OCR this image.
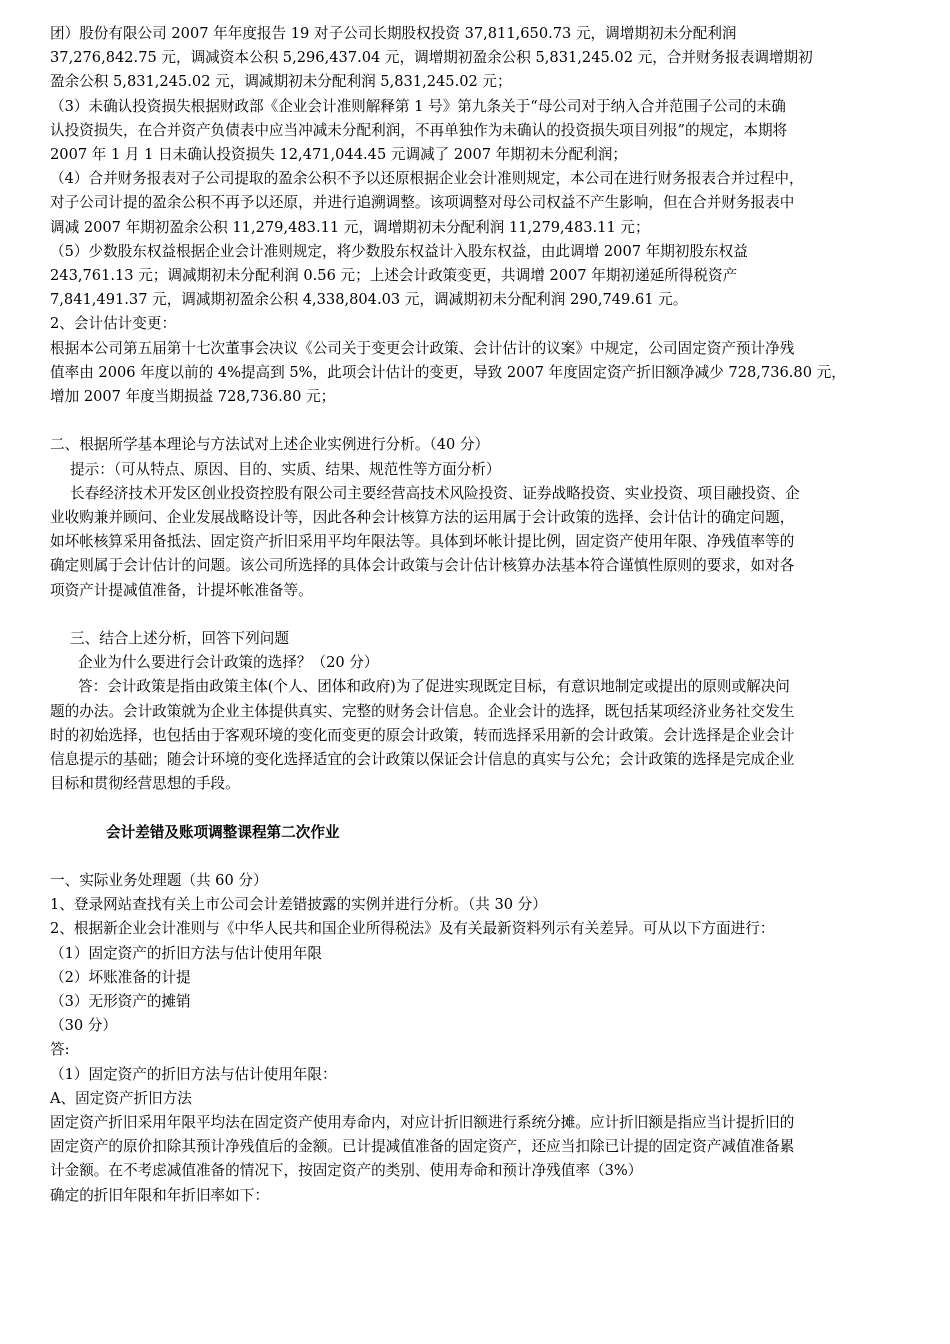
团）股份有限公司 2007 年年度报告 19 对子公司长期股权投资 37,811,650.73 元，调增期初未分配利润
37,276,842.75 元，调减资本公积 5,296,437.04 元，调增期初盈余公积 5,831,245.02 元，合并财务报表调增期初
盈余公积 5,831,245.02 元，调减期初未分配利润 5,831,245.02 元；

（3）未确认投资损失根据财政部《企业会计准则解释第 1 号》第九条关于“母公司对于纳入合并范围子公司的未确
认投资损失，在合并资产负债表中应当冲减未分配利润，不再单独作为未确认的投资损失项目列报”的规定，本期将
2007 年 1 月 1 日未确认投资损失 12,471,044.45 元调减了 2007 年期初未分配利润；

（4）合并财务报表对子公司提取的盈余公积不予以还原根据企业会计准则规定，本公司在进行财务报表合并过程中，
对子公司计提的盈余公积不再予以还原，并进行追溯调整。该项调整对母公司权益不产生影响，但在合并财务报表中
调减 2007 年期初盈余公积 11,279,483.11 元，调增期初未分配利润 11,279,483.11 元；

（5）少数股东权益根据企业会计准则规定，将少数股东权益计入股东权益，由此调增 2007 年期初股东权益
243,761.13 元；调减期初未分配利润 0.56 元；上述会计政策变更，共调增 2007 年期初递延所得税资产
7,841,491.37 元，调减期初盈余公积 4,338,804.03 元，调减期初未分配利润 290,749.61 元。

2、会计估计变更：
根据本公司第五届第十七次董事会决议《公司关于变更会计政策、会计估计的议案》中规定，公司固定资产预计净残
值率由 2006 年度以前的 4%提高到 5%，此项会计估计的变更，导致 2007 年度固定资产折旧额净减少 728,736.80 元，
增加 2007 年度当期损益 728,736.80 元；

二、根据所学基本理论与方法试对上述企业实例进行分析。（40 分）
提示：（可从特点、原因、目的、实质、结果、规范性等方面分析）
长春经济技术开发区创业投资控股有限公司主要经营高技术风险投资、证券战略投资、实业投资、项目融投资、企
业收购兼并顾问、企业发展战略设计等，因此各种会计核算方法的运用属于会计政策的选择、会计估计的确定问题，
如坏帐核算采用备抵法、固定资产折旧采用平均年限法等。具体到坏帐计提比例，固定资产使用年限、净残值率等的
确定则属于会计估计的问题。该公司所选择的具体会计政策与会计估计核算办法基本符合谨慎性原则的要求，如对各
项资产计提减值准备，计提坏帐准备等。

三、结合上述分析，回答下列问题
企业为什么要进行会计政策的选择？（20 分）
答：会计政策是指由政策主体(个人、团体和政府)为了促进实现既定目标，有意识地制定或提出的原则或解决问
题的办法。会计政策就为企业主体提供真实、完整的财务会计信息。企业会计的选择，既包括某项经济业务社交发生
时的初始选择，也包括由于客观环境的变化而变更的原会计政策，转而选择采用新的会计政策。会计选择是企业会计
信息提示的基础；随会计环境的变化选择适宜的会计政策以保证会计信息的真实与公允；会计政策的选择是完成企业
目标和贯彻经营思想的手段。

会计差错及账项调整课程第二次作业

一、实际业务处理题（共 60 分）
1、登录网站查找有关上市公司会计差错披露的实例并进行分析。（共 30 分）
2、根据新企业会计准则与《中华人民共和国企业所得税法》及有关最新资料列示有关差异。可从以下方面进行：
（1）固定资产的折旧方法与估计使用年限
（2）坏账准备的计提
（3）无形资产的摊销
（30 分）
答:
（1）固定资产的折旧方法与估计使用年限：
A、固定资产折旧方法
固定资产折旧采用年限平均法在固定资产使用寿命内，对应计折旧额进行系统分摊。应计折旧额是指应当计提折旧的
固定资产的原价扣除其预计净残值后的金额。已计提减值准备的固定资产，还应当扣除已计提的固定资产减值准备累
计金额。在不考虑减值准备的情况下，按固定资产的类别、使用寿命和预计净残值率（3%）
确定的折旧年限和年折旧率如下：
